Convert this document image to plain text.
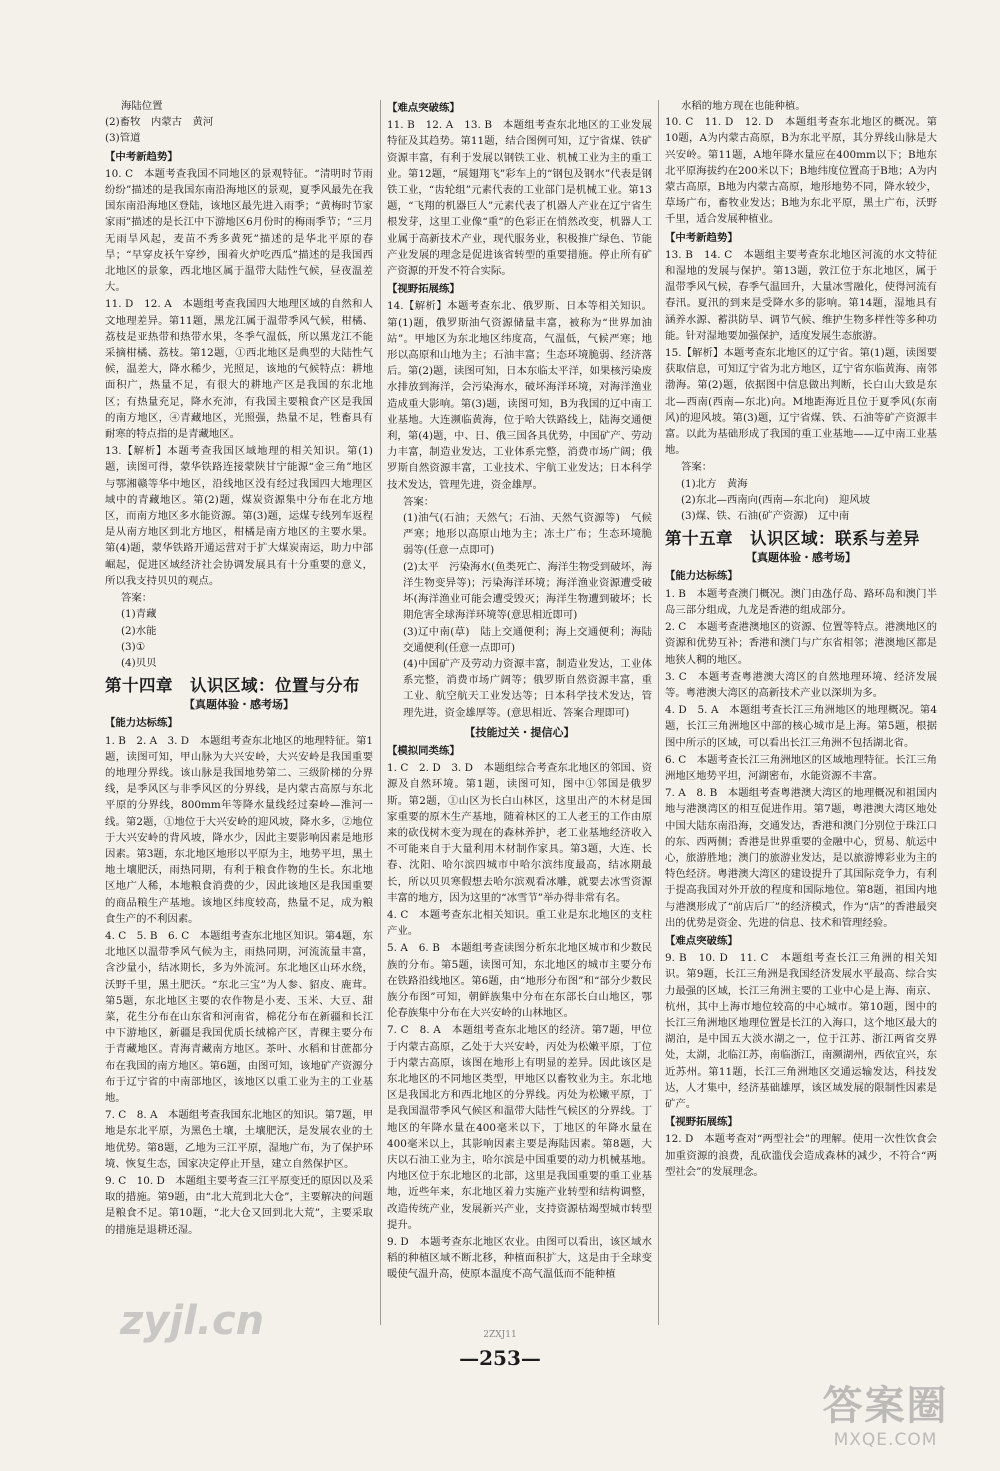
海陆位置

(2)畜牧　内蒙古　黄河

(3)管道

【中考新趋势】

10. C　本题考查我国不同地区的景观特征。“清明时节雨纷纷”描述的是我国东南沿海地区的景观，夏季风最先在我国东南沿海地区登陆，该地区最先进入雨季；“黄梅时节家家雨”描述的是长江中下游地区6月份时的梅雨季节；“三月无雨旱风起，麦苗不秀多黄死”描述的是华北平原的春旱；“早穿皮袄午穿纱，围着火炉吃西瓜”描述的是我国西北地区的景象，西北地区属于温带大陆性气候，昼夜温差大。

11. D　12. A　本题组考查我国四大地理区域的自然和人文地理差异。第11题，黑龙江属于温带季风气候，柑橘、荔枝是亚热带和热带水果，冬季气温低，所以黑龙江不能采摘柑橘、荔枝。第12题，①西北地区是典型的大陆性气候，温差大，降水稀少，光照足，该地的气候特点：耕地面积广，热量不足，有很大的耕地产区是我国的东北地区；有热量充足，降水充沛，有我国主要粮食产区是我国的南方地区，④青藏地区，光照强，热量不足，牲畜具有耐寒的特点指的是青藏地区。

13.【解析】本题考查我国区域地理的相关知识。第(1)题，读图可得，蒙华铁路连接蒙陕甘宁能源“金三角”地区与鄂湘赣等华中地区，沿线地区没有经过我国四大地理区域中的青藏地区。第(2)题，煤炭资源集中分布在北方地区，而南方地区多水能资源。第(3)题，运煤专线列车返程是从南方地区到北方地区，柑橘是南方地区的主要水果。第(4)题，蒙华铁路开通运营对于扩大煤炭南运，助力中部崛起，促进区域经济社会协调发展具有十分重要的意义，所以我支持贝贝的观点。

答案：

(1)青藏

(2)水能

(3)①

(4)贝贝

第十四章　认识区域：位置与分布

【真题体验・感考场】

【能力达标练】

1. B　2. A　3. D　本题组考查东北地区的地理特征。第1题，读图可知，甲山脉为大兴安岭，大兴安岭是我国重要的地理分界线。该山脉是我国地势第二、三级阶梯的分界线，是季风区与非季风区的分界线，是内蒙古高原与东北平原的分界线，800mm年等降水量线经过秦岭—淮河一线。第2题，①地位于大兴安岭的迎风坡，降水多，②地位于大兴安岭的背风坡，降水少，因此主要影响因素是地形因素。第3题，东北地区地形以平原为主，地势平坦，黑土地土壤肥沃，雨热同期，有利于粮食作物的生长。东北地区地广人稀，本地粮食消费的少，因此该地区是我国重要的商品粮生产基地。该地区纬度较高，热量不足，成为粮食生产的不利因素。

4. C　5. B　6. C　本题组考查东北地区知识。第4题，东北地区以温带季风气候为主，雨热同期，河流流量丰富，含沙量小，结冰期长，多为外流河。东北地区山环水绕，沃野千里，黑土肥沃。“东北三宝”为人参、貂皮、鹿茸。第5题，东北地区主要的农作物是小麦、玉米、大豆、甜菜，花生分布在山东省和河南省，棉花分布在新疆和长江中下游地区，新疆是我国优质长绒棉产区，青稞主要分布于青藏地区。青海青藏南方地区。茶叶、水稻和甘蔗都分布在我国的南方地区。第6题，由图可知，该地矿产资源分布于辽宁省的中南部地区，该地区以重工业为主的工业基地。

7. C　8. A　本题组考查我国东北地区的知识。第7题，甲地是东北平原，为黑色土壤，土壤肥沃，是发展农业的土地优势。第8题，乙地为三江平原，湿地广布，为了保护环境、恢复生态，国家决定停止开垦，建立自然保护区。

9. C　10. D　本题组主要考查三江平原变迁的原因以及采取的措施。第9题，由“北大荒到北大仓”，主要解决的问题是粮食不足。第10题，“北大仓又回到北大荒”，主要采取的措施是退耕还湿。

【难点突破练】

11. B　12. A　13. B　本题组考查东北地区的工业发展特征及其趋势。第11题，结合图例可知，辽宁省煤、铁矿资源丰富，有利于发展以钢铁工业、机械工业为主的重工业。第12题，“展翅翔飞”彩车上的“钢包及钢水”代表是钢铁工业，“齿轮组”元素代表的工业部门是机械工业。第13题，“飞翔的机器巨人”元素代表了机器人产业在辽宁省生根发芽，这里工业像“重”的色彩正在悄然改变，机器人工业属于高新技术产业，现代服务业，积极推广绿色、节能产业发展的理念是促进该省转型的重要措施。停止所有矿产资源的开发不符合实际。

【视野拓展练】

14.【解析】本题考查东北、俄罗斯、日本等相关知识。第(1)题，俄罗斯油气资源储量丰富，被称为“世界加油站”。甲地区为东北地区纬度高，气温低，气候严寒；地形以高原和山地为主；石油丰富；生态环境脆弱、经济落后。第(2)题，读图可知，日本东临太平洋，如果核污染废水排放到海洋，会污染海水，破坏海洋环境，对海洋渔业造成重大影响。第(3)题，读图可知，B为我国的辽中南工业基地。大连濒临黄海，位于哈大铁路线上，陆海交通便利，第(4)题，中、日、俄三国各具优势，中国矿产、劳动力丰富，制造业发达，工业体系完整，消费市场广阔；俄罗斯自然资源丰富，工业技术、宇航工业发达；日本科学技术发达，管理先进，资金雄厚。

答案：

(1)油气(石油；天然气；石油、天然气资源等)　气候严寒；地形以高原山地为主；冻土广布；生态环境脆弱等(任意一点即可)

(2)太平　污染海水(鱼类死亡、海洋生物受到破坏，海洋生物变异等)；污染海洋环境；海洋渔业资源遭受破坏(海洋渔业可能会遭受毁灭；海洋生物遭到破坏；长期危害全球海洋环境等(意思相近即可)

(3)辽中南(草)　陆上交通便利；海上交通便利；海陆交通便利(任意一点即可)

(4)中国矿产及劳动力资源丰富，制造业发达，工业体系完整，消费市场广阔等；俄罗斯自然资源丰富，重工业、航空航天工业发达等；日本科学技术发达，管理先进，资金雄厚等。(意思相近、答案合理即可)

【技能过关・提信心】

【模拟同类练】

1. C　2. D　3. D　本题组综合考查东北地区的邻国、资源及自然环境。第1题，读图可知，图中①邻国是俄罗斯。第2题，①山区为长白山林区，这里出产的木材是国家重要的原木生产基地，随着林区的工人老王的工作由原来的砍伐树木变为现在的森林养护，老工业基地经济收入不可能来自于大量利用木材制作家具。第3题，大连、长春、沈阳、哈尔滨四城市中哈尔滨纬度最高，结冰期最长，所以贝贝寒假想去哈尔滨观看冰雕，就要去冰雪资源丰富的地方，因为这里的“冰雪节”举办得非常有名。

4. C　本题考查东北相关知识。重工业是东北地区的支柱产业。

5. A　6. B　本题组考查读图分析东北地区城市和少数民族的分布。第5题，读图可知，东北地区的城市主要分布在铁路沿线地区。第6题，由“地形分布图”和“部分少数民族分布图”可知，朝鲜族集中分布在东部长白山地区，鄂伦春族集中分布在大兴安岭的山林地区。

7. C　8. A　本题组考查东北地区的经济。第7题，甲位于内蒙古高原，乙处于大兴安岭，丙处为松嫩平原，丁位于内蒙古高原，该图在地形上有明显的差异。因此该区是东北地区的不同地区类型，甲地区以畜牧业为主。东北地区是我国北方和西北地区的分界线。丙处为松嫩平原，丁是我国温带季风气候区和温带大陆性气候区的分界线。丁地区的年降水量在400毫米以下，丁地区的年降水量在400毫米以上，其影响因素主要是海陆因素。第8题，大庆以石油工业为主，哈尔滨是中国重要的动力机械基地。内地区位于东北地区的北部，这里是我国重要的重工业基地，近些年来，东北地区着力实施产业转型和结构调整，改造传统产业，发展新兴产业，支持资源枯竭型城市转型提升。

9. D　本题考查东北地区农业。由图可以看出，该区域水稻的种植区域不断北移，种植面积扩大，这是由于全球变暖使气温升高，使原本温度不高气温低而不能种植

水稻的地方现在也能种植。

10. C　11. D　12. D　本题组考查东北地区的概况。第10题，A为内蒙古高原，B为东北平原，其分界线山脉是大兴安岭。第11题，A地年降水量应在400mm以下；B地东北平原海拔约在200米以下；B地纬度位置高于B地；A为内蒙古高原，B地为内蒙古高原，地形地势不同，降水较少，草场广布，畜牧业发达；B地为东北平原，黑土广布，沃野千里，适合发展种植业。

【中考新趋势】

13. B　14. C　本题组主要考查东北地区河流的水文特征和湿地的发展与保护。第13题，敦江位于东北地区，属于温带季风气候，春季气温回升，大量冰雪融化，使得河流有春汛。夏汛的到来是受降水多的影响。第14题，湿地具有涵养水源、蓄洪防旱、调节气候、维护生物多样性等多种功能。针对湿地要加强保护，适度发展生态旅游。

15.【解析】本题考查东北地区的辽宁省。第(1)题，读图要获取信息，可知辽宁省为北方地区，辽宁省东临黄海、南邻渤海。第(2)题，依据图中信息做出判断，长白山大致是东北—西南(西南—东北)向。M地距海近且位于夏季风(东南风)的迎风坡。第(3)题，辽宁省煤、铁、石油等矿产资源丰富。以此为基础形成了我国的重工业基地——辽中南工业基地。

答案：

(1)北方　黄海

(2)东北—西南向(西南—东北向)　迎风坡

(3)煤、铁、石油(矿产资源)　辽中南

第十五章　认识区域：联系与差异

【真题体验・感考场】

【能力达标练】

1. B　本题考查澳门概况。澳门由氹仔岛、路环岛和澳门半岛三部分组成，九龙是香港的组成部分。

2. C　本题考查港澳地区的资源、位置等特点。港澳地区的资源和优势互补；香港和澳门与广东省相邻；港澳地区都是地狭人稠的地区。

3. C　本题考查粤港澳大湾区的自然地理环境、经济发展等。粤港澳大湾区的高新技术产业以深圳为多。

4. D　5. A　本题组考查长江三角洲地区的地理概况。第4题，长江三角洲地区中部的核心城市是上海。第5题，根据图中所示的区域，可以看出长江三角洲不包括湖北省。

6. C　本题考查长江三角洲地区的区域地理特征。长江三角洲地区地势平坦，河湖密布，水能资源不丰富。

7. A　8. B　本题组考查粤港澳大湾区的地理概况和祖国内地与港澳湾区的相互促进作用。第7题，粤港澳大湾区地处中国大陆东南沿海，交通发达，香港和澳门分别位于珠江口的东、西两侧；香港是世界重要的金融中心，贸易、航运中心，旅游胜地；澳门的旅游业发达，是以旅游博彩业为主的特色经济。粤港澳大湾区的建设提升了其国际竞争力，有利于提高我国对外开放的程度和国际地位。第8题，祖国内地与港澳形成了“前店后厂”的经济模式，作为“店”的香港最突出的优势是资金、先进的信息、技术和管理经验。

【难点突破练】

9. B　10. D　11. C　本题组考查长江三角洲的相关知识。第9题，长江三角洲是我国经济发展水平最高、综合实力最强的区域，长江三角洲主要的工业中心是上海、南京、杭州，其中上海市地位较高的中心城市。第10题，图中的长江三角洲地区地理位置是长江的入海口，这个地区最大的湖泊，是中国五大淡水湖之一，位于江苏、浙江两省交界处，太湖，北临江苏，南临浙江，南濒湖州，西依宜兴，东近苏州。第11题，长江三角洲地区交通运输发达，科技发达，人才集中，经济基础雄厚，该区域发展的限制性因素是矿产。

【视野拓展练】

12. D　本题考查对“两型社会”的理解。使用一次性饮食会加重资源的浪费，乱砍滥伐会造成森林的减少，不符合“两型社会”的发展理念。

2ZXJ11
—253—
zyjl.cn
答案圈
MXQE.COM
